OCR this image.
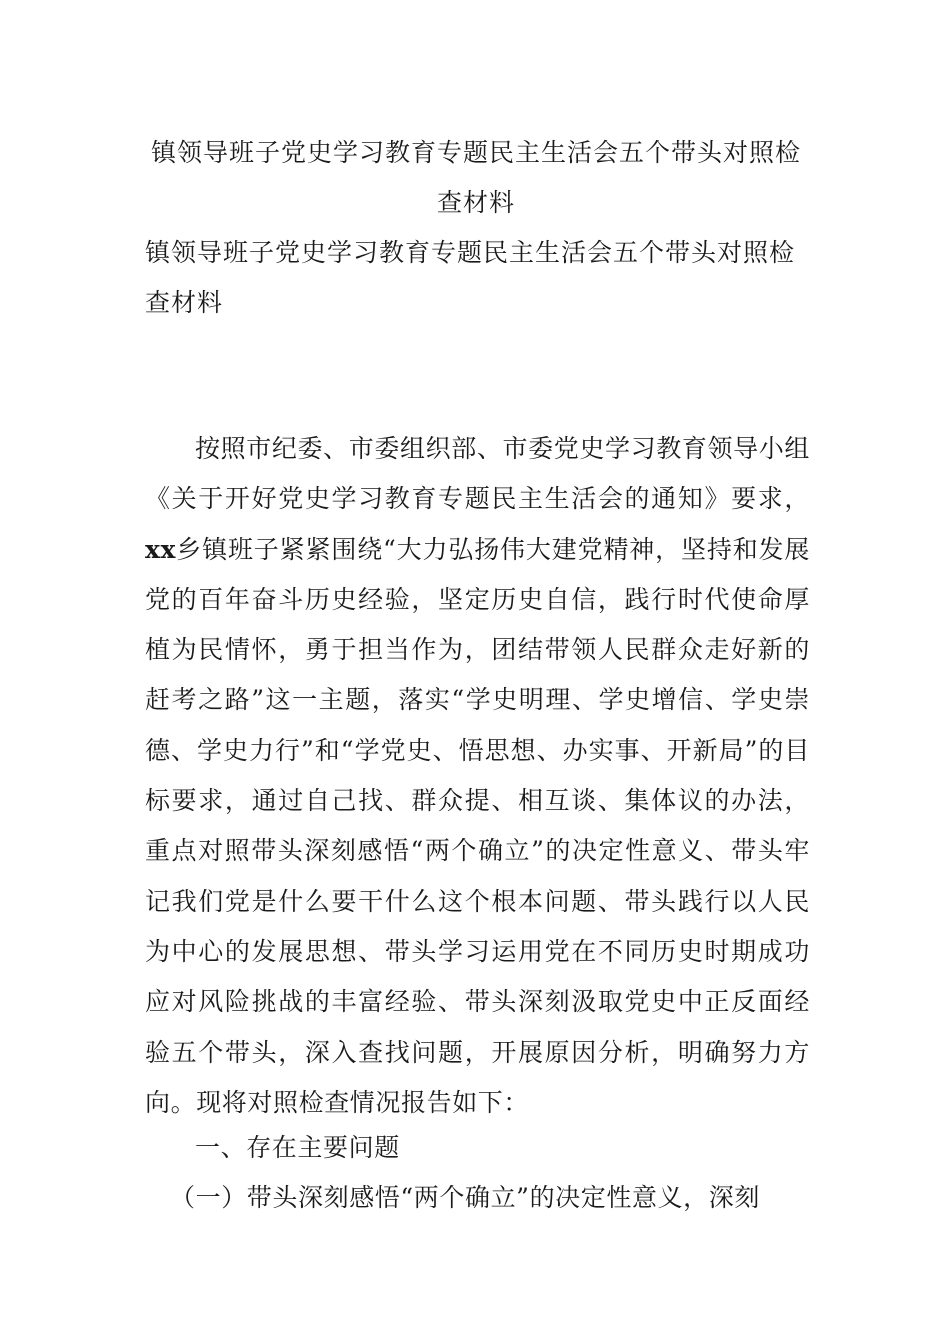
镇领导班子党史学习教育专题民主生活会五个带头对照检
查材料
镇领导班子党史学习教育专题民主生活会五个带头对照检查材料

按照市纪委、市委组织部、市委党史学习教育领导小组《关于开好党史学习教育专题民主生活会的通知》要求，xx乡镇班子紧紧围绕“大力弘扬伟大建党精神，坚持和发展党的百年奋斗历史经验，坚定历史自信，践行时代使命厚植为民情怀，勇于担当作为，团结带领人民群众走好新的赶考之路”这一主题，落实“学史明理、学史增信、学史崇德、学史力行”和“学党史、悟思想、办实事、开新局”的目标要求，通过自己找、群众提、相互谈、集体议的办法，重点对照带头深刻感悟“两个确立”的决定性意义、带头牢记我们党是什么要干什么这个根本问题、带头践行以人民为中心的发展思想、带头学习运用党在不同历史时期成功应对风险挑战的丰富经验、带头深刻汲取党史中正反面经验五个带头，深入查找问题，开展原因分析，明确努力方向。现将对照检查情况报告如下：

一、存在主要问题
（一）带头深刻感悟“两个确立”的决定性意义，深刻
